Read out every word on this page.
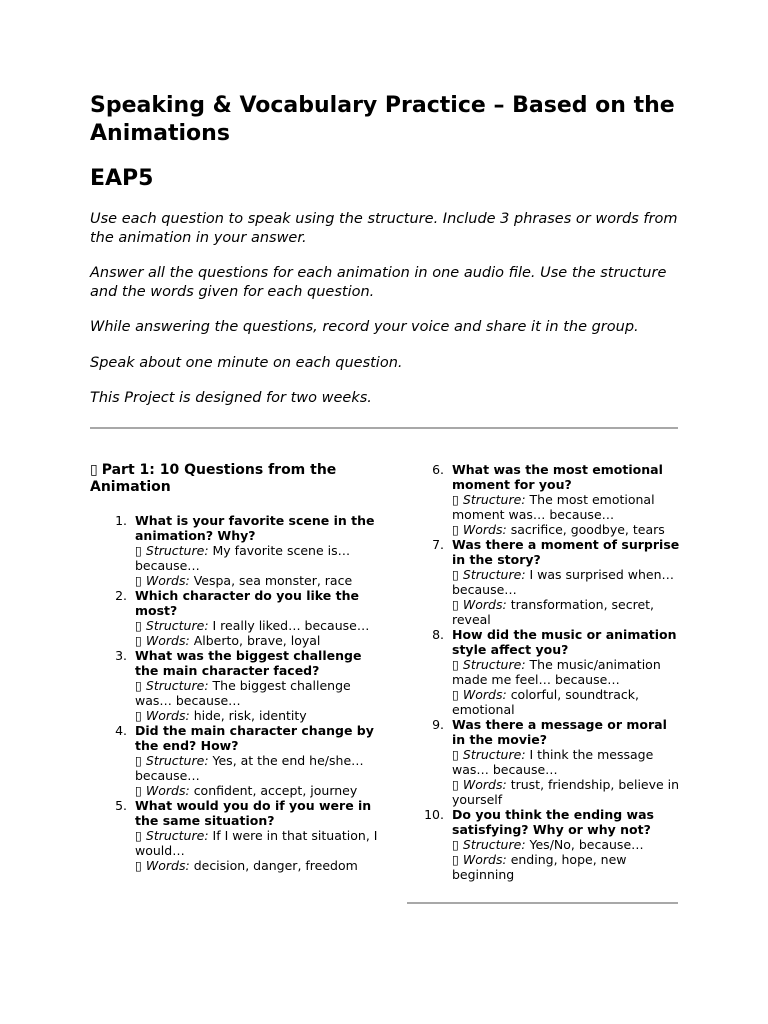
Speaking & Vocabulary Practice – Based on the Animations
EAP5

Use each question to speak using the structure. Include 3 phrases or words from the animation in your answer.

Answer all the questions for each animation in one audio file. Use the structure and the words given for each question.

While answering the questions, record your voice and share it in the group.

Speak about one minute on each question.

This Project is designed for two weeks.

▯ Part 1: 10 Questions from the Animation
1. What is your favorite scene in the animation? Why?
▯ Structure: My favorite scene is… because…
▯ Words: Vespa, sea monster, race
2. Which character do you like the most?
▯ Structure: I really liked… because…
▯ Words: Alberto, brave, loyal
3. What was the biggest challenge the main character faced?
▯ Structure: The biggest challenge was… because…
▯ Words: hide, risk, identity
4. Did the main character change by the end? How?
▯ Structure: Yes, at the end he/she… because…
▯ Words: confident, accept, journey
5. What would you do if you were in the same situation?
▯ Structure: If I were in that situation, I would…
▯ Words: decision, danger, freedom
6. What was the most emotional moment for you?
▯ Structure: The most emotional moment was… because…
▯ Words: sacrifice, goodbye, tears
7. Was there a moment of surprise in the story?
▯ Structure: I was surprised when… because…
▯ Words: transformation, secret, reveal
8. How did the music or animation style affect you?
▯ Structure: The music/animation made me feel… because…
▯ Words: colorful, soundtrack, emotional
9. Was there a message or moral in the movie?
▯ Structure: I think the message was… because…
▯ Words: trust, friendship, believe in yourself
10. Do you think the ending was satisfying? Why or why not?
▯ Structure: Yes/No, because…
▯ Words: ending, hope, new beginning
